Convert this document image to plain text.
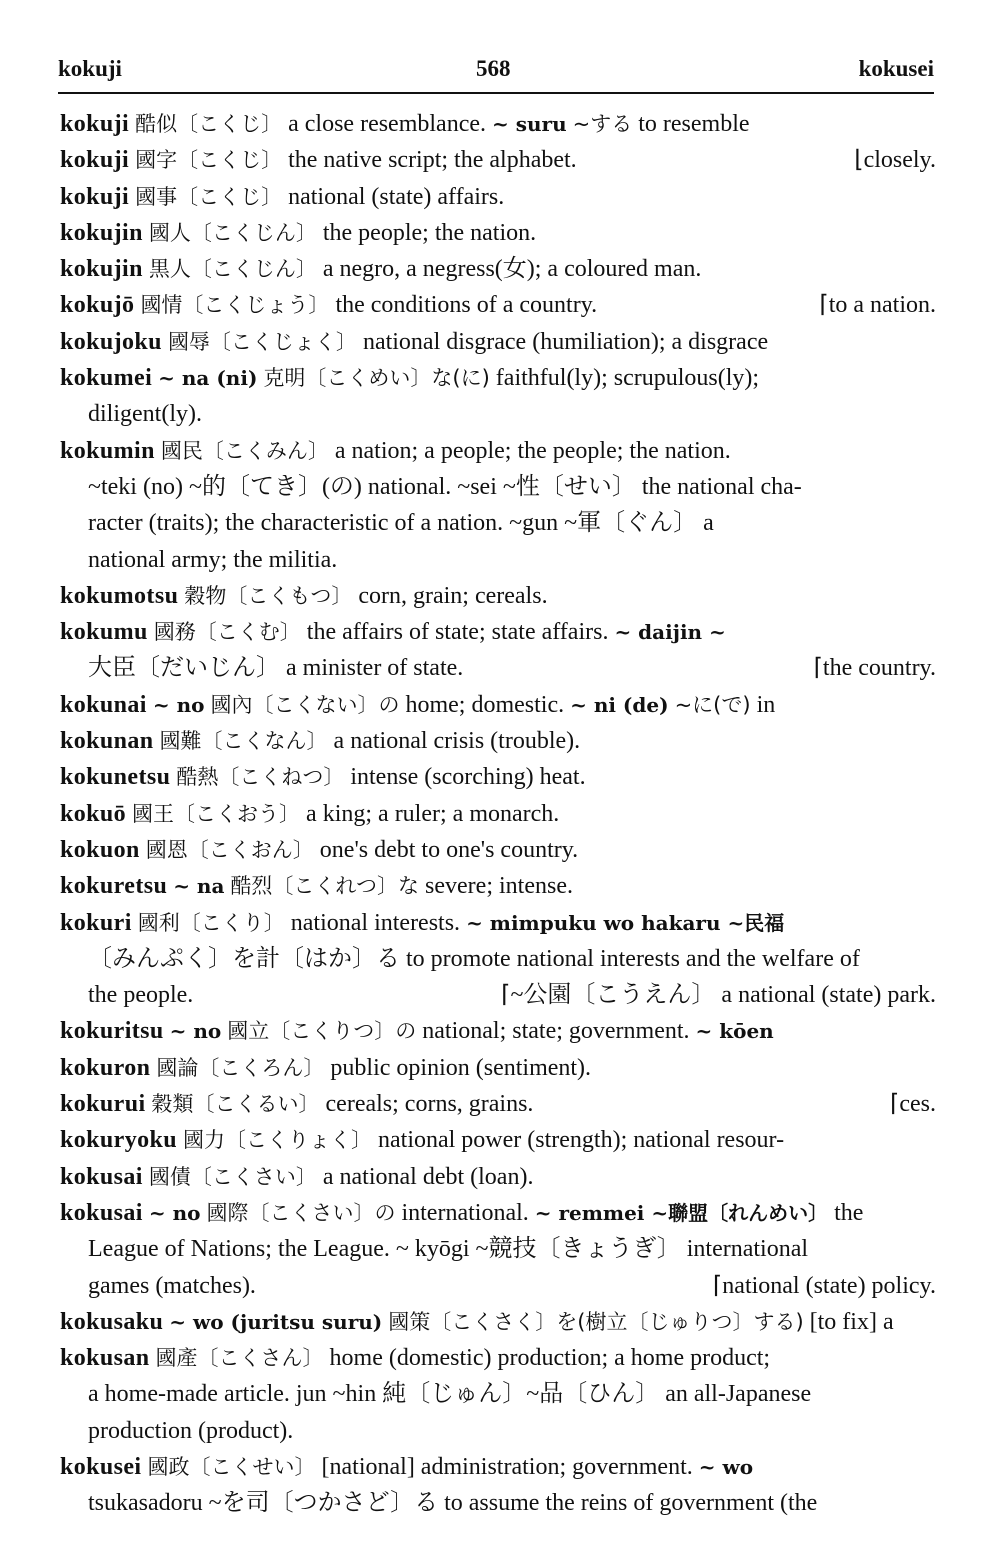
kokuji	568	kokusei
kokuji 酷似〔こくじ〕 a close resemblance. ~ suru ~する to resemble
⌊closely.
kokuji 國字〔こくじ〕 the native script; the alphabet.
kokuji 國事〔こくじ〕 national (state) affairs.
kokujin 國人〔こくじん〕 the people; the nation.
kokujin 黒人〔こくじん〕 a negro, a negress(女); a coloured man.
⌈to a nation.
kokujō 國情〔こくじょう〕 the conditions of a country.
kokujoku 國辱〔こくじょく〕 national disgrace (humiliation); a disgrace
kokumei ~ na (ni) 克明〔こくめい〕な(に) faithful(ly); scrupulous(ly);
diligent(ly).
kokumin 國民〔こくみん〕 a nation; a people; the people; the nation.
~teki (no) ~的〔てき〕(の) national. ~sei ~性〔せい〕 the national cha-
racter (traits); the characteristic of a nation. ~gun ~軍〔ぐん〕 a
national army; the militia.
kokumotsu 穀物〔こくもつ〕 corn, grain; cereals.
kokumu 國務〔こくむ〕 the affairs of state; state affairs. ~ daijin ~
⌈the country.
大臣〔だいじん〕 a minister of state.
kokunai ~ no 國內〔こくない〕の home; domestic. ~ ni (de) ~に(で) in
kokunan 國難〔こくなん〕 a national crisis (trouble).
kokunetsu 酷熱〔こくねつ〕 intense (scorching) heat.
kokuō 國王〔こくおう〕 a king; a ruler; a monarch.
kokuon 國恩〔こくおん〕 one's debt to one's country.
kokuretsu ~ na 酷烈〔こくれつ〕な severe; intense.
kokuri 國利〔こくり〕 national interests. ~ mimpuku wo hakaru ~民福
〔みんぷく〕を計〔はか〕る to promote national interests and the welfare of
⌈~公園〔こうえん〕 a national (state) park.
the people.
kokuritsu ~ no 國立〔こくりつ〕の national; state; government. ~ kōen
kokuron 國論〔こくろん〕 public opinion (sentiment).
⌈ces.
kokurui 穀類〔こくるい〕 cereals; corns, grains.
kokuryoku 國力〔こくりょく〕 national power (strength); national resour-
kokusai 國債〔こくさい〕 a national debt (loan).
kokusai ~ no 國際〔こくさい〕の international. ~ remmei ~聯盟〔れんめい〕 the
League of Nations; the League. ~ kyōgi ~競技〔きょうぎ〕 international
⌈national (state) policy.
games (matches).
kokusaku ~ wo (juritsu suru) 國策〔こくさく〕を(樹立〔じゅりつ〕する) [to fix] a
kokusan 國產〔こくさん〕 home (domestic) production; a home product;
a home-made article. jun ~hin 純〔じゅん〕~品〔ひん〕 an all-Japanese
production (product).
kokusei 國政〔こくせい〕 [national] administration; government. ~ wo
tsukasadoru ~を司〔つかさど〕る to assume the reins of government (the
